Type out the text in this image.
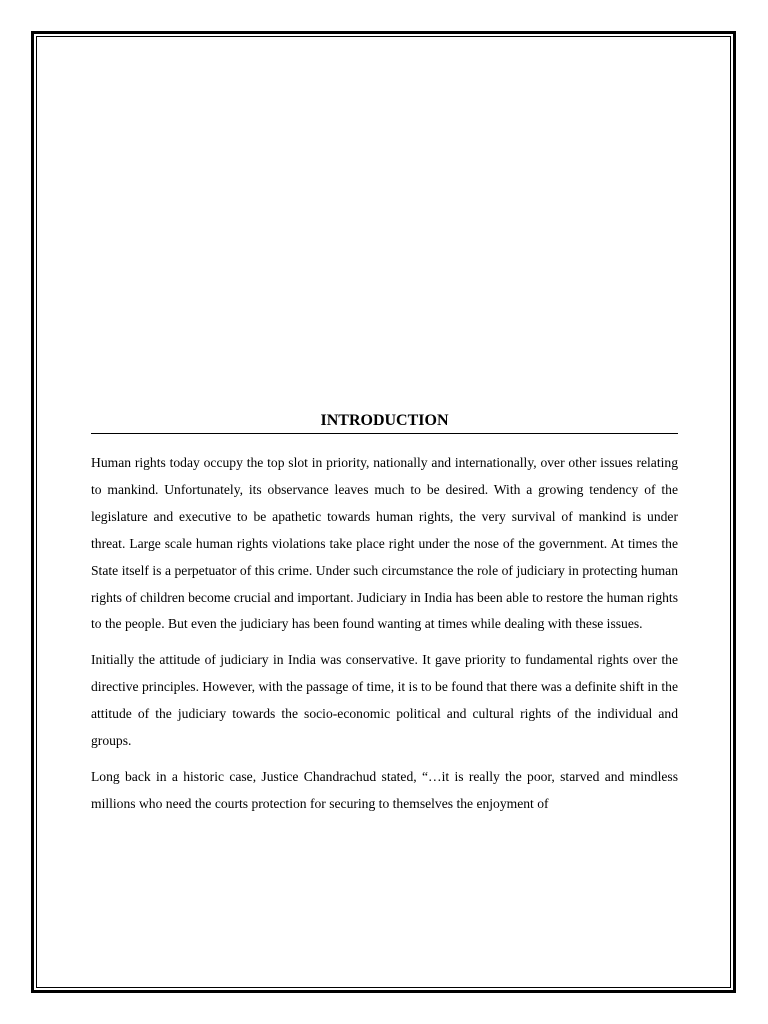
INTRODUCTION

Human rights today occupy the top slot in priority, nationally and internationally, over other issues relating to mankind. Unfortunately, its observance leaves much to be desired. With a growing tendency of the legislature and executive to be apathetic towards human rights, the very survival of mankind is under threat. Large scale human rights violations take place right under the nose of the government. At times the State itself is a perpetuator of this crime. Under such circumstance the role of judiciary in protecting human rights of children become crucial and important. Judiciary in India has been able to restore the human rights to the people. But even the judiciary has been found wanting at times while dealing with these issues.

Initially the attitude of judiciary in India was conservative. It gave priority to fundamental rights over the directive principles. However, with the passage of time, it is to be found that there was a definite shift in the attitude of the judiciary towards the socio-economic political and cultural rights of the individual and groups.

Long back in a historic case, Justice Chandrachud stated, “…it is really the poor, starved and mindless millions who need the courts protection for securing to themselves the enjoyment of
